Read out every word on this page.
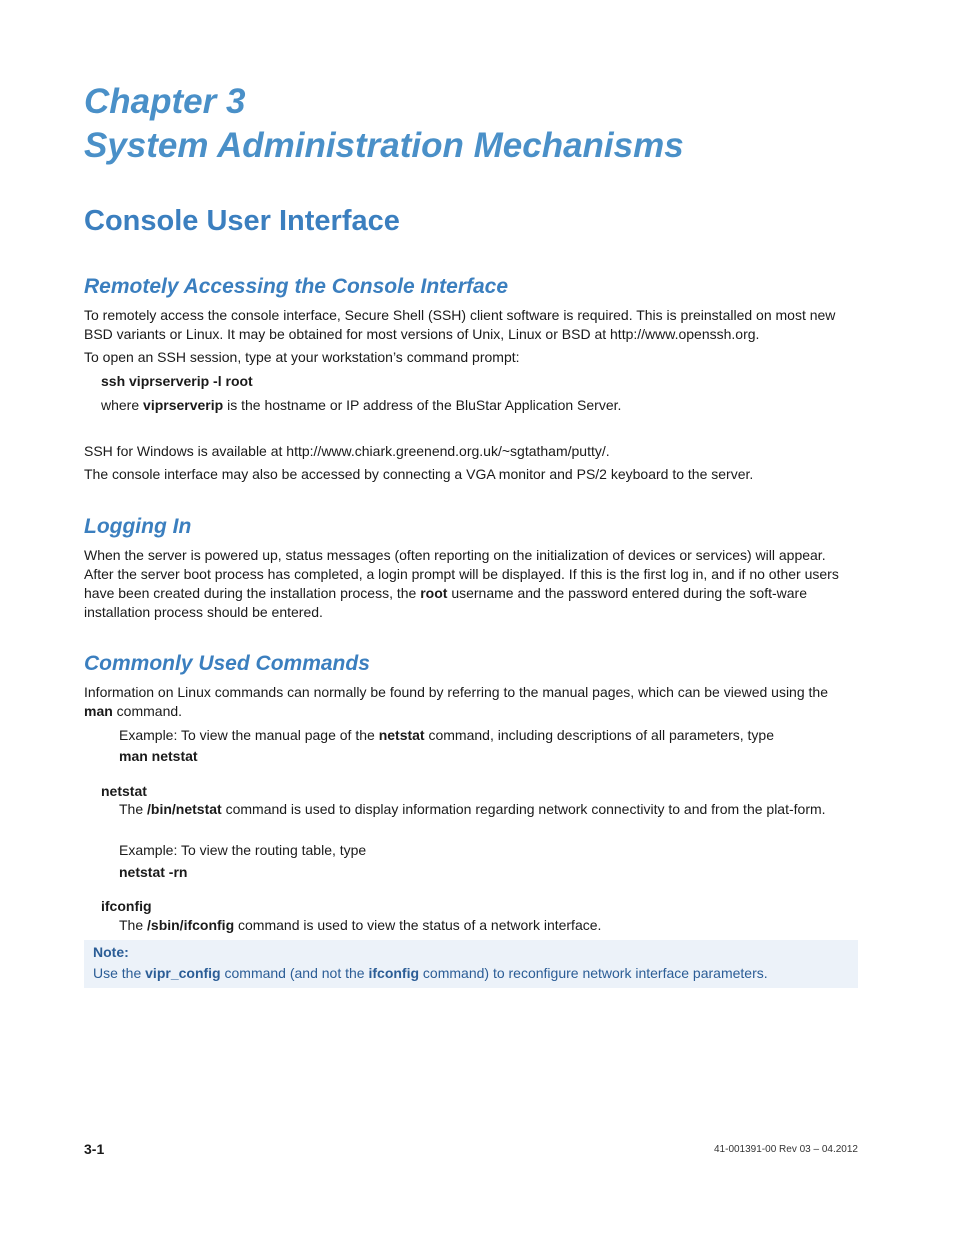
Chapter 3
System Administration Mechanisms
Console User Interface
Remotely Accessing the Console Interface

To remotely access the console interface, Secure Shell (SSH) client software is required. This is preinstalled on most new BSD variants or Linux. It may be obtained for most versions of Unix, Linux or BSD at http://www.openssh.org.

To open an SSH session, type at your workstation’s command prompt:

ssh viprserverip -l root

where viprserverip is the hostname or IP address of the BluStar Application Server.

SSH for Windows is available at http://www.chiark.greenend.org.uk/~sgtatham/putty/.

The console interface may also be accessed by connecting a VGA monitor and PS/2 keyboard to the server.

Logging In

When the server is powered up, status messages (often reporting on the initialization of devices or services) will appear. After the server boot process has completed, a login prompt will be displayed. If this is the first log in, and if no other users have been created during the installation process, the root username and the password entered during the soft-ware installation process should be entered.

Commonly Used Commands

Information on Linux commands can normally be found by referring to the manual pages, which can be viewed using the man command.

Example: To view the manual page of the netstat command, including descriptions of all parameters, type

man netstat

netstat

The /bin/netstat command is used to display information regarding network connectivity to and from the plat-form.

Example: To view the routing table, type

netstat -rn

ifconfig

The /sbin/ifconfig command is used to view the status of a network interface.

Note:
Use the vipr_config command (and not the ifconfig command) to reconfigure network interface parameters.
3-1	41-001391-00 Rev 03 – 04.2012
